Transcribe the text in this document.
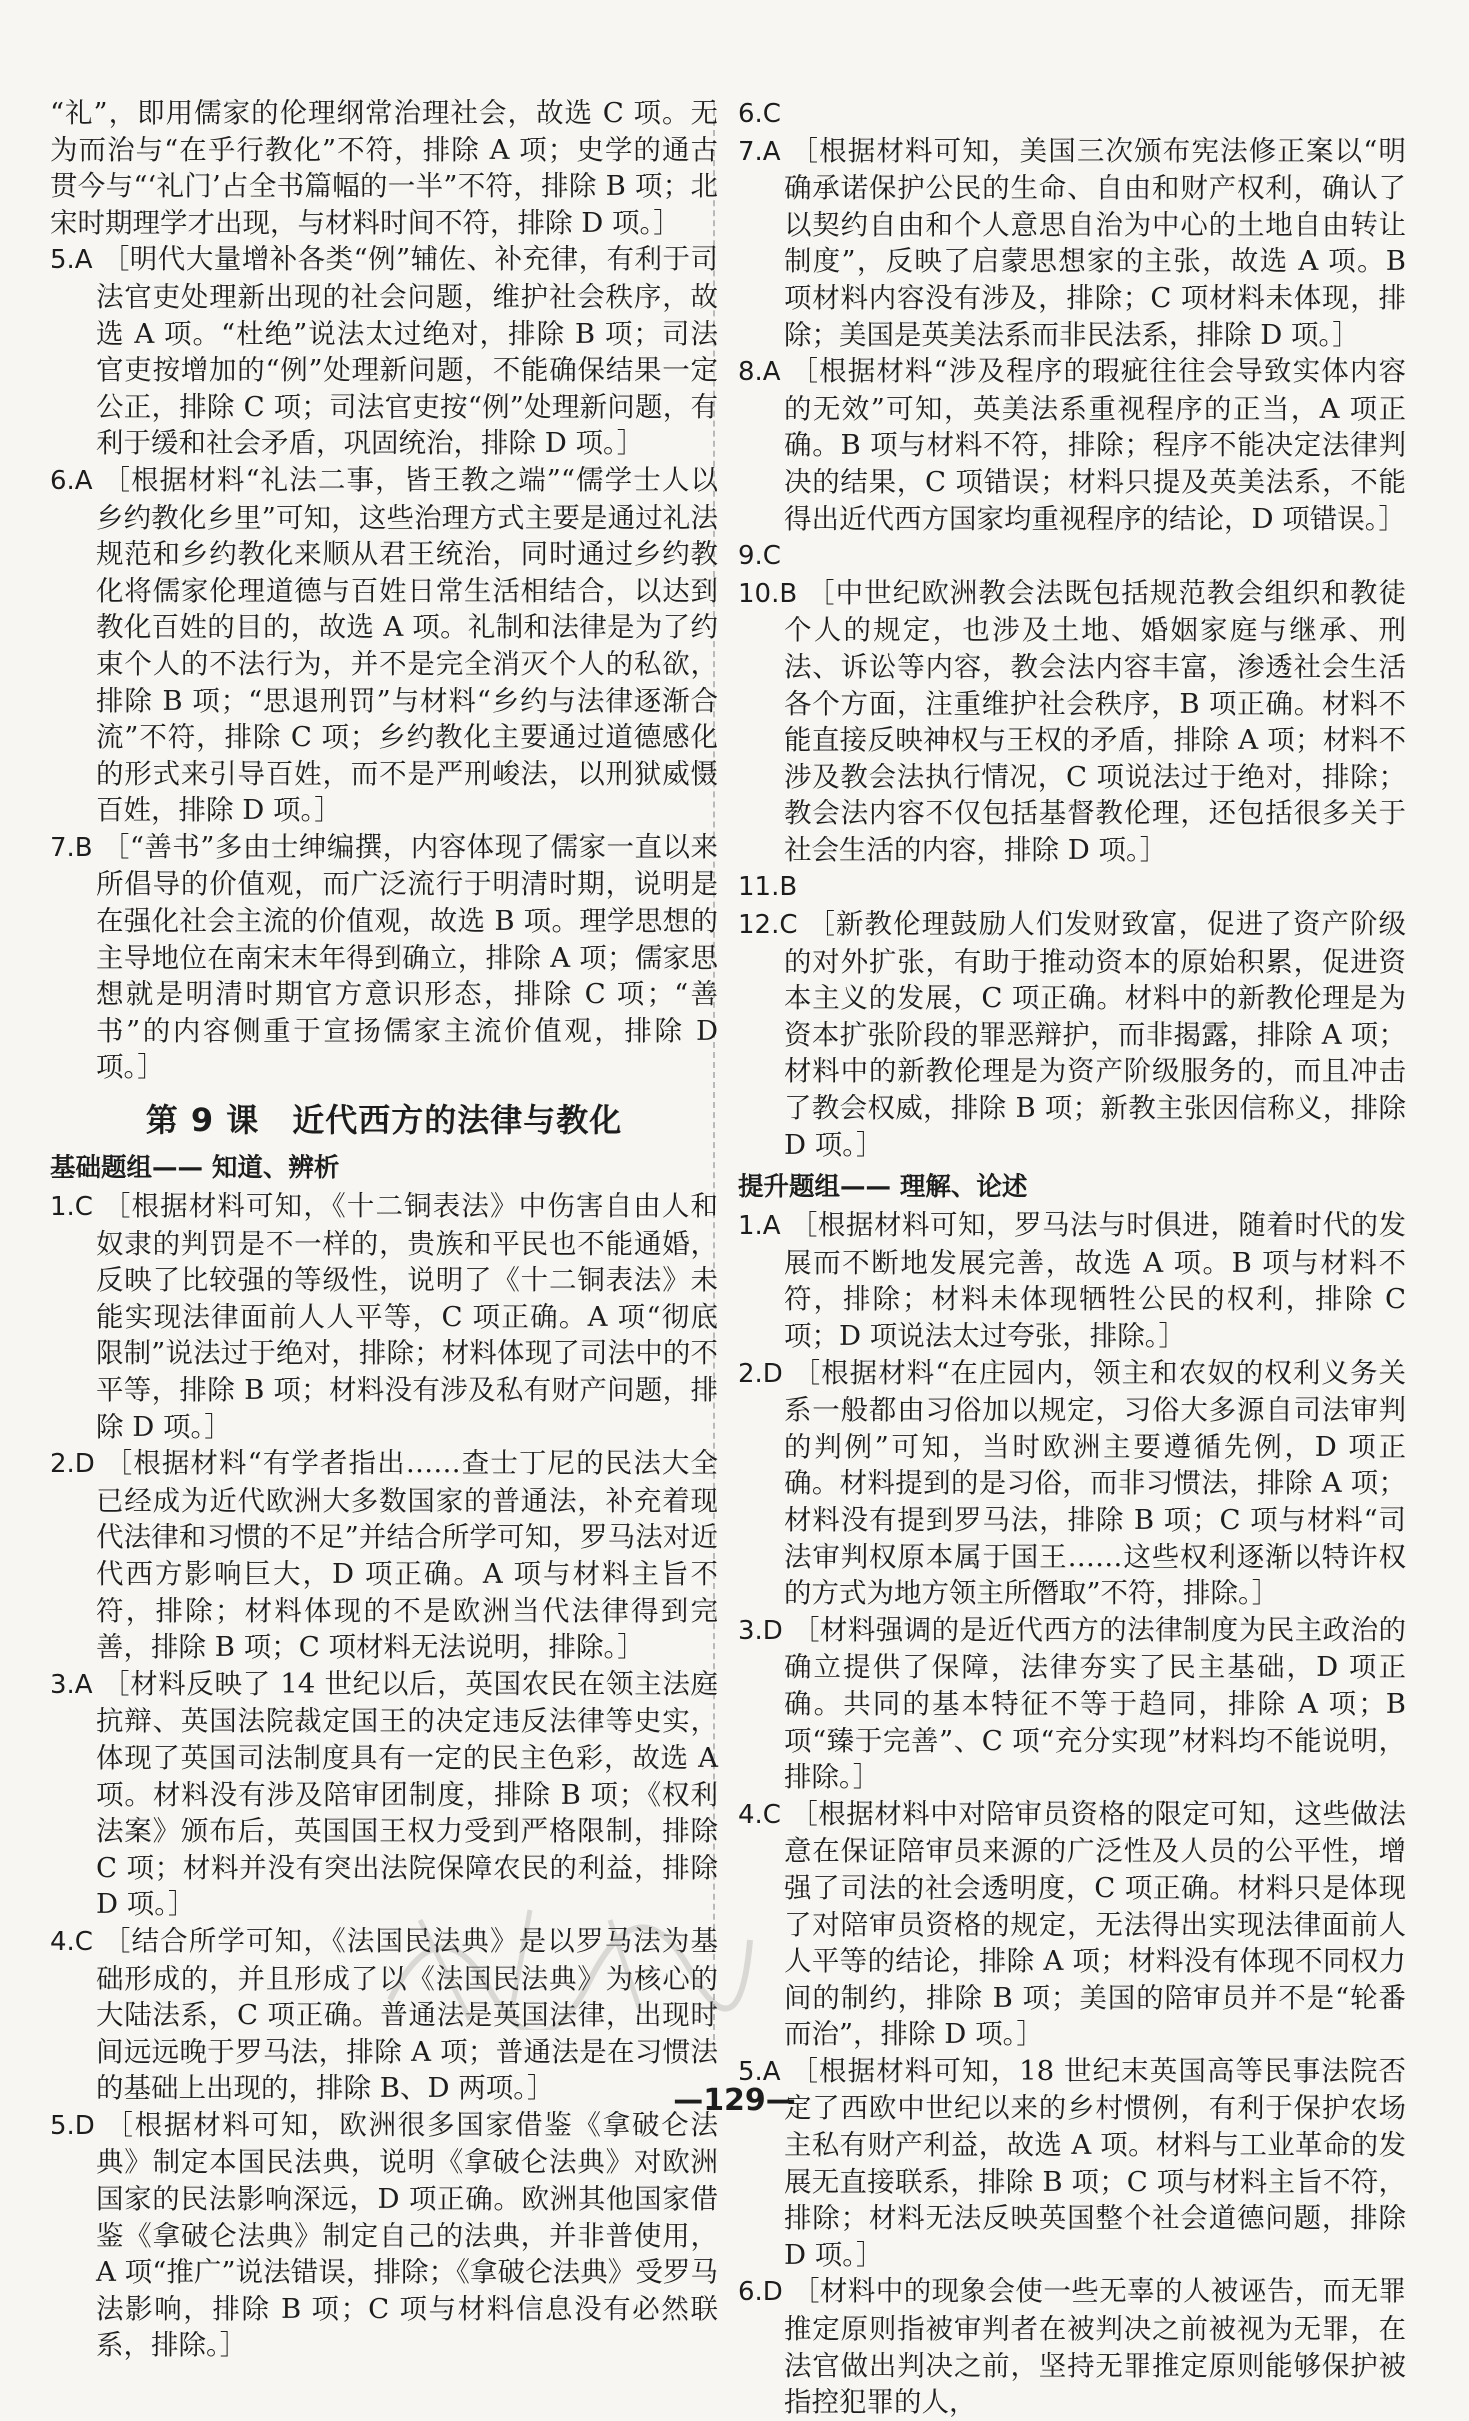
“礼”，即用儒家的伦理纲常治理社会，故选 C 项。无为而治与“在乎行教化”不符，排除 A 项；史学的通古贯今与“‘礼门’占全书篇幅的一半”不符，排除 B 项；北宋时期理学才出现，与材料时间不符，排除 D 项。］

5.A ［明代大量增补各类“例”辅佐、补充律，有利于司法官吏处理新出现的社会问题，维护社会秩序，故选 A 项。“杜绝”说法太过绝对，排除 B 项；司法官吏按增加的“例”处理新问题，不能确保结果一定公正，排除 C 项；司法官吏按“例”处理新问题，有利于缓和社会矛盾，巩固统治，排除 D 项。］

6.A ［根据材料“礼法二事，皆王教之端”“儒学士人以乡约教化乡里”可知，这些治理方式主要是通过礼法规范和乡约教化来顺从君王统治，同时通过乡约教化将儒家伦理道德与百姓日常生活相结合，以达到教化百姓的目的，故选 A 项。礼制和法律是为了约束个人的不法行为，并不是完全消灭个人的私欲，排除 B 项；“思退刑罚”与材料“乡约与法律逐渐合流”不符，排除 C 项；乡约教化主要通过道德感化的形式来引导百姓，而不是严刑峻法，以刑狱威慑百姓，排除 D 项。］

7.B ［“善书”多由士绅编撰，内容体现了儒家一直以来所倡导的价值观，而广泛流行于明清时期，说明是在强化社会主流的价值观，故选 B 项。理学思想的主导地位在南宋末年得到确立，排除 A 项；儒家思想就是明清时期官方意识形态，排除 C 项；“善书”的内容侧重于宣扬儒家主流价值观，排除 D 项。］

第 9 课　近代西方的法律与教化
基础题组—— 知道、辨析

1.C ［根据材料可知，《十二铜表法》中伤害自由人和奴隶的判罚是不一样的，贵族和平民也不能通婚，反映了比较强的等级性，说明了《十二铜表法》未能实现法律面前人人平等，C 项正确。A 项“彻底限制”说法过于绝对，排除；材料体现了司法中的不平等，排除 B 项；材料没有涉及私有财产问题，排除 D 项。］

2.D ［根据材料“有学者指出……查士丁尼的民法大全已经成为近代欧洲大多数国家的普通法，补充着现代法律和习惯的不足”并结合所学可知，罗马法对近代西方影响巨大，D 项正确。A 项与材料主旨不符，排除；材料体现的不是欧洲当代法律得到完善，排除 B 项；C 项材料无法说明，排除。］

3.A ［材料反映了 14 世纪以后，英国农民在领主法庭抗辩、英国法院裁定国王的决定违反法律等史实，体现了英国司法制度具有一定的民主色彩，故选 A 项。材料没有涉及陪审团制度，排除 B 项；《权利法案》颁布后，英国国王权力受到严格限制，排除 C 项；材料并没有突出法院保障农民的利益，排除 D 项。］

4.C ［结合所学可知，《法国民法典》是以罗马法为基础形成的，并且形成了以《法国民法典》为核心的大陆法系，C 项正确。普通法是英国法律，出现时间远远晚于罗马法，排除 A 项；普通法是在习惯法的基础上出现的，排除 B、D 两项。］

5.D ［根据材料可知，欧洲很多国家借鉴《拿破仑法典》制定本国民法典，说明《拿破仑法典》对欧洲国家的民法影响深远，D 项正确。欧洲其他国家借鉴《拿破仑法典》制定自己的法典，并非普使用，A 项“推广”说法错误，排除；《拿破仑法典》受罗马法影响，排除 B 项；C 项与材料信息没有必然联系，排除。］

6.C

7.A ［根据材料可知，美国三次颁布宪法修正案以“明确承诺保护公民的生命、自由和财产权利，确认了以契约自由和个人意思自治为中心的土地自由转让制度”，反映了启蒙思想家的主张，故选 A 项。B 项材料内容没有涉及，排除；C 项材料未体现，排除；美国是英美法系而非民法系，排除 D 项。］

8.A ［根据材料“涉及程序的瑕疵往往会导致实体内容的无效”可知，英美法系重视程序的正当，A 项正确。B 项与材料不符，排除；程序不能决定法律判决的结果，C 项错误；材料只提及英美法系，不能得出近代西方国家均重视程序的结论，D 项错误。］

9.C

10.B ［中世纪欧洲教会法既包括规范教会组织和教徒个人的规定，也涉及土地、婚姻家庭与继承、刑法、诉讼等内容，教会法内容丰富，渗透社会生活各个方面，注重维护社会秩序，B 项正确。材料不能直接反映神权与王权的矛盾，排除 A 项；材料不涉及教会法执行情况，C 项说法过于绝对，排除；教会法内容不仅包括基督教伦理，还包括很多关于社会生活的内容，排除 D 项。］

11.B

12.C ［新教伦理鼓励人们发财致富，促进了资产阶级的对外扩张，有助于推动资本的原始积累，促进资本主义的发展，C 项正确。材料中的新教伦理是为资本扩张阶段的罪恶辩护，而非揭露，排除 A 项；材料中的新教伦理是为资产阶级服务的，而且冲击了教会权威，排除 B 项；新教主张因信称义，排除 D 项。］

提升题组—— 理解、论述

1.A ［根据材料可知，罗马法与时俱进，随着时代的发展而不断地发展完善，故选 A 项。B 项与材料不符，排除；材料未体现牺牲公民的权利，排除 C 项；D 项说法太过夸张，排除。］

2.D ［根据材料“在庄园内，领主和农奴的权利义务关系一般都由习俗加以规定，习俗大多源自司法审判的判例”可知，当时欧洲主要遵循先例，D 项正确。材料提到的是习俗，而非习惯法，排除 A 项；材料没有提到罗马法，排除 B 项；C 项与材料“司法审判权原本属于国王……这些权利逐渐以特许权的方式为地方领主所僭取”不符，排除。］

3.D ［材料强调的是近代西方的法律制度为民主政治的确立提供了保障，法律夯实了民主基础，D 项正确。共同的基本特征不等于趋同，排除 A 项；B 项“臻于完善”、C 项“充分实现”材料均不能说明，排除。］

4.C ［根据材料中对陪审员资格的限定可知，这些做法意在保证陪审员来源的广泛性及人员的公平性，增强了司法的社会透明度，C 项正确。材料只是体现了对陪审员资格的规定，无法得出实现法律面前人人平等的结论，排除 A 项；材料没有体现不同权力间的制约，排除 B 项；美国的陪审员并不是“轮番而治”，排除 D 项。］

5.A ［根据材料可知，18 世纪末英国高等民事法院否定了西欧中世纪以来的乡村惯例，有利于保护农场主私有财产利益，故选 A 项。材料与工业革命的发展无直接联系，排除 B 项；C 项与材料主旨不符，排除；材料无法反映英国整个社会道德问题，排除 D 项。］

6.D ［材料中的现象会使一些无辜的人被诬告，而无罪推定原则指被审判者在被判决之前被视为无罪，在法官做出判决之前，坚持无罪推定原则能够保护被指控犯罪的人，

—129—
